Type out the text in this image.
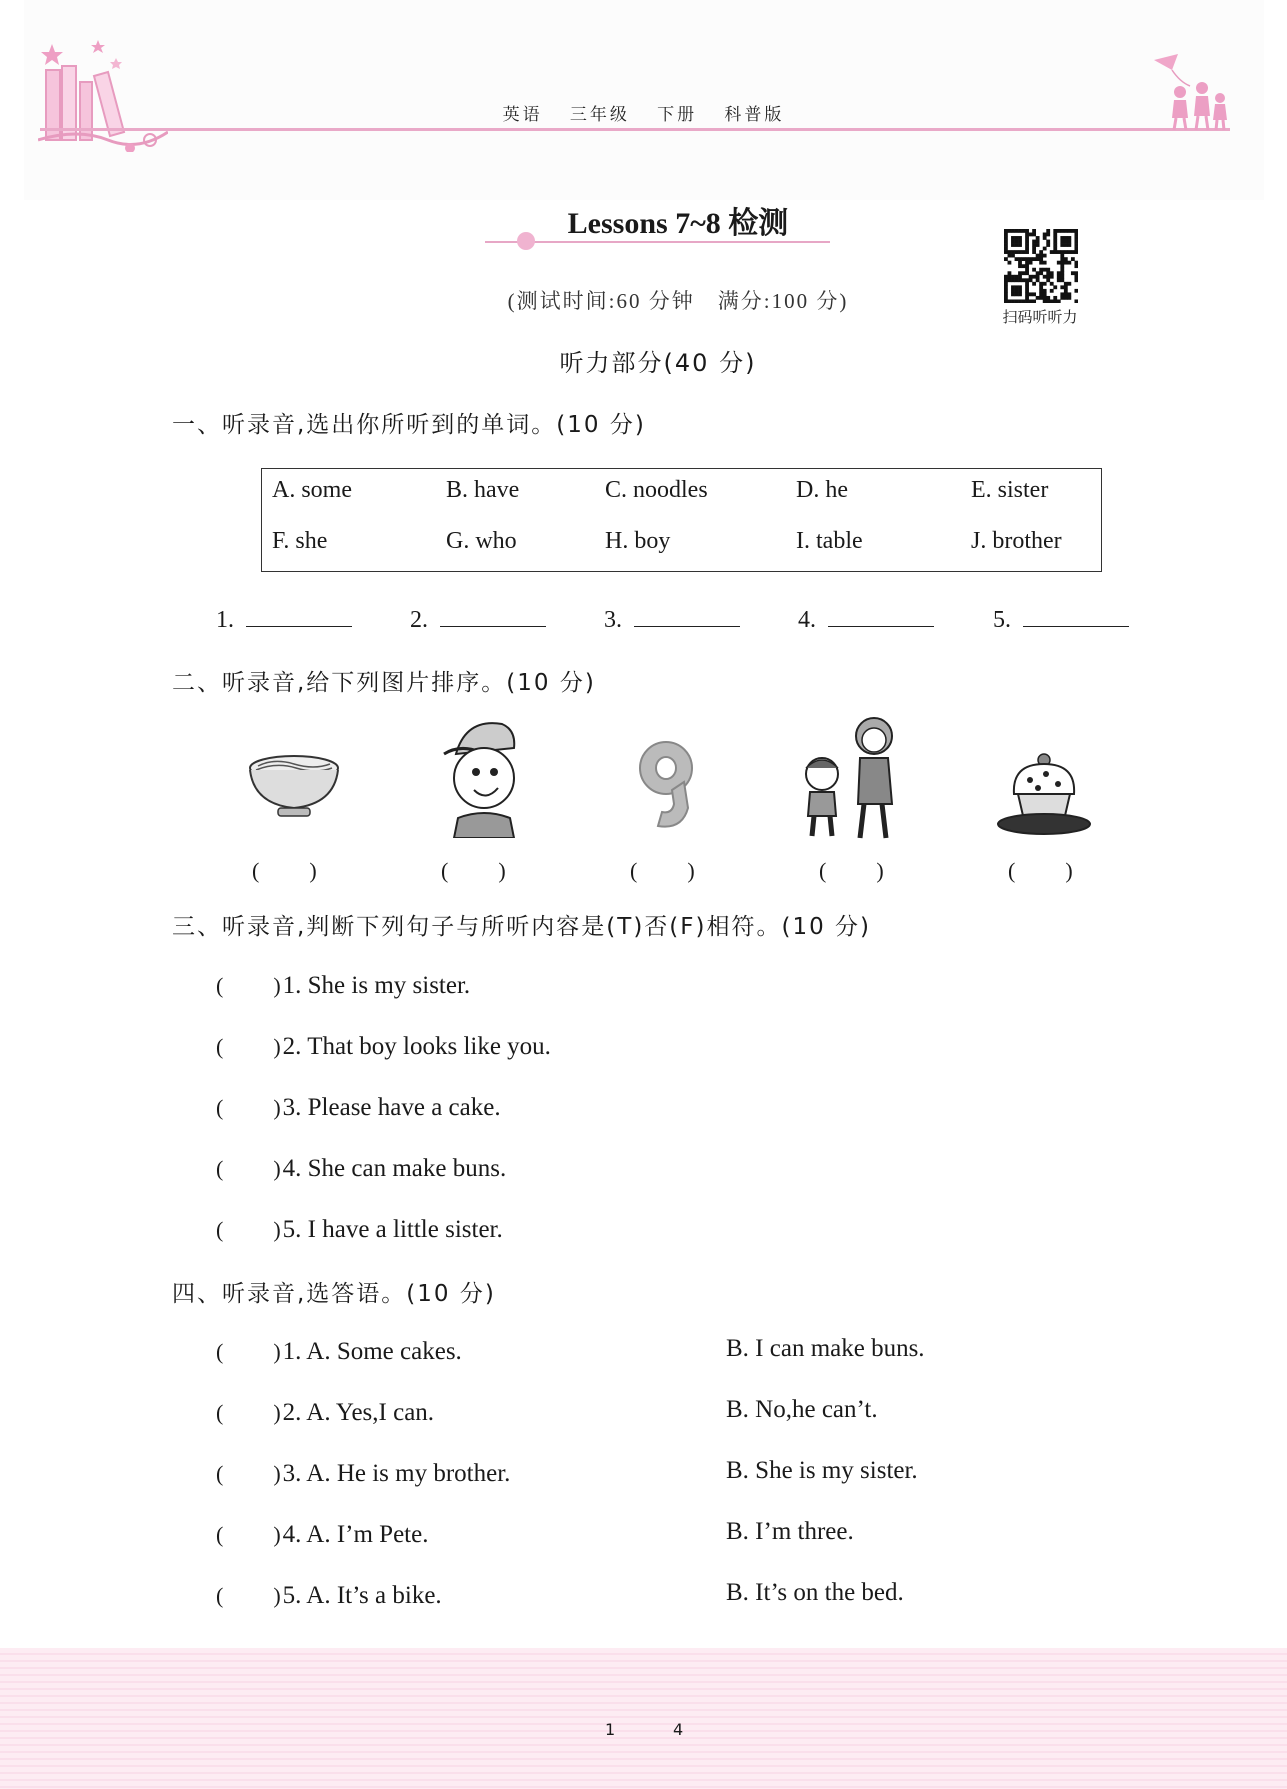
英语 三年级 下册 科普版
Lessons 7~8 检测
(测试时间:60 分钟　满分:100 分)
扫码听听力
听力部分(40 分)
一、听录音,选出你所听到的单词。(10 分)
A. some	B. have	C. noodles	D. he	E. sister
F. she	G. who	H. boy	I. table	J. brother
1.	2.	3.	4.	5.
二、听录音,给下列图片排序。(10 分)
(　　)	(　　)	(　　)	(　　)	(　　)
三、听录音,判断下列句子与所听内容是(T)否(F)相符。(10 分)
(　　)1. She is my sister.
(　　)2. That boy looks like you.
(　　)3. Please have a cake.
(　　)4. She can make buns.
(　　)5. I have a little sister.
四、听录音,选答语。(10 分)
(　　)1. A. Some cakes.	B. I can make buns.
(　　)2. A. Yes,I can.	B. No,he can’t.
(　　)3. A. He is my brother.	B. She is my sister.
(　　)4. A. I’m Pete.	B. I’m three.
(　　)5. A. It’s a bike.	B. It’s on the bed.
1	4
